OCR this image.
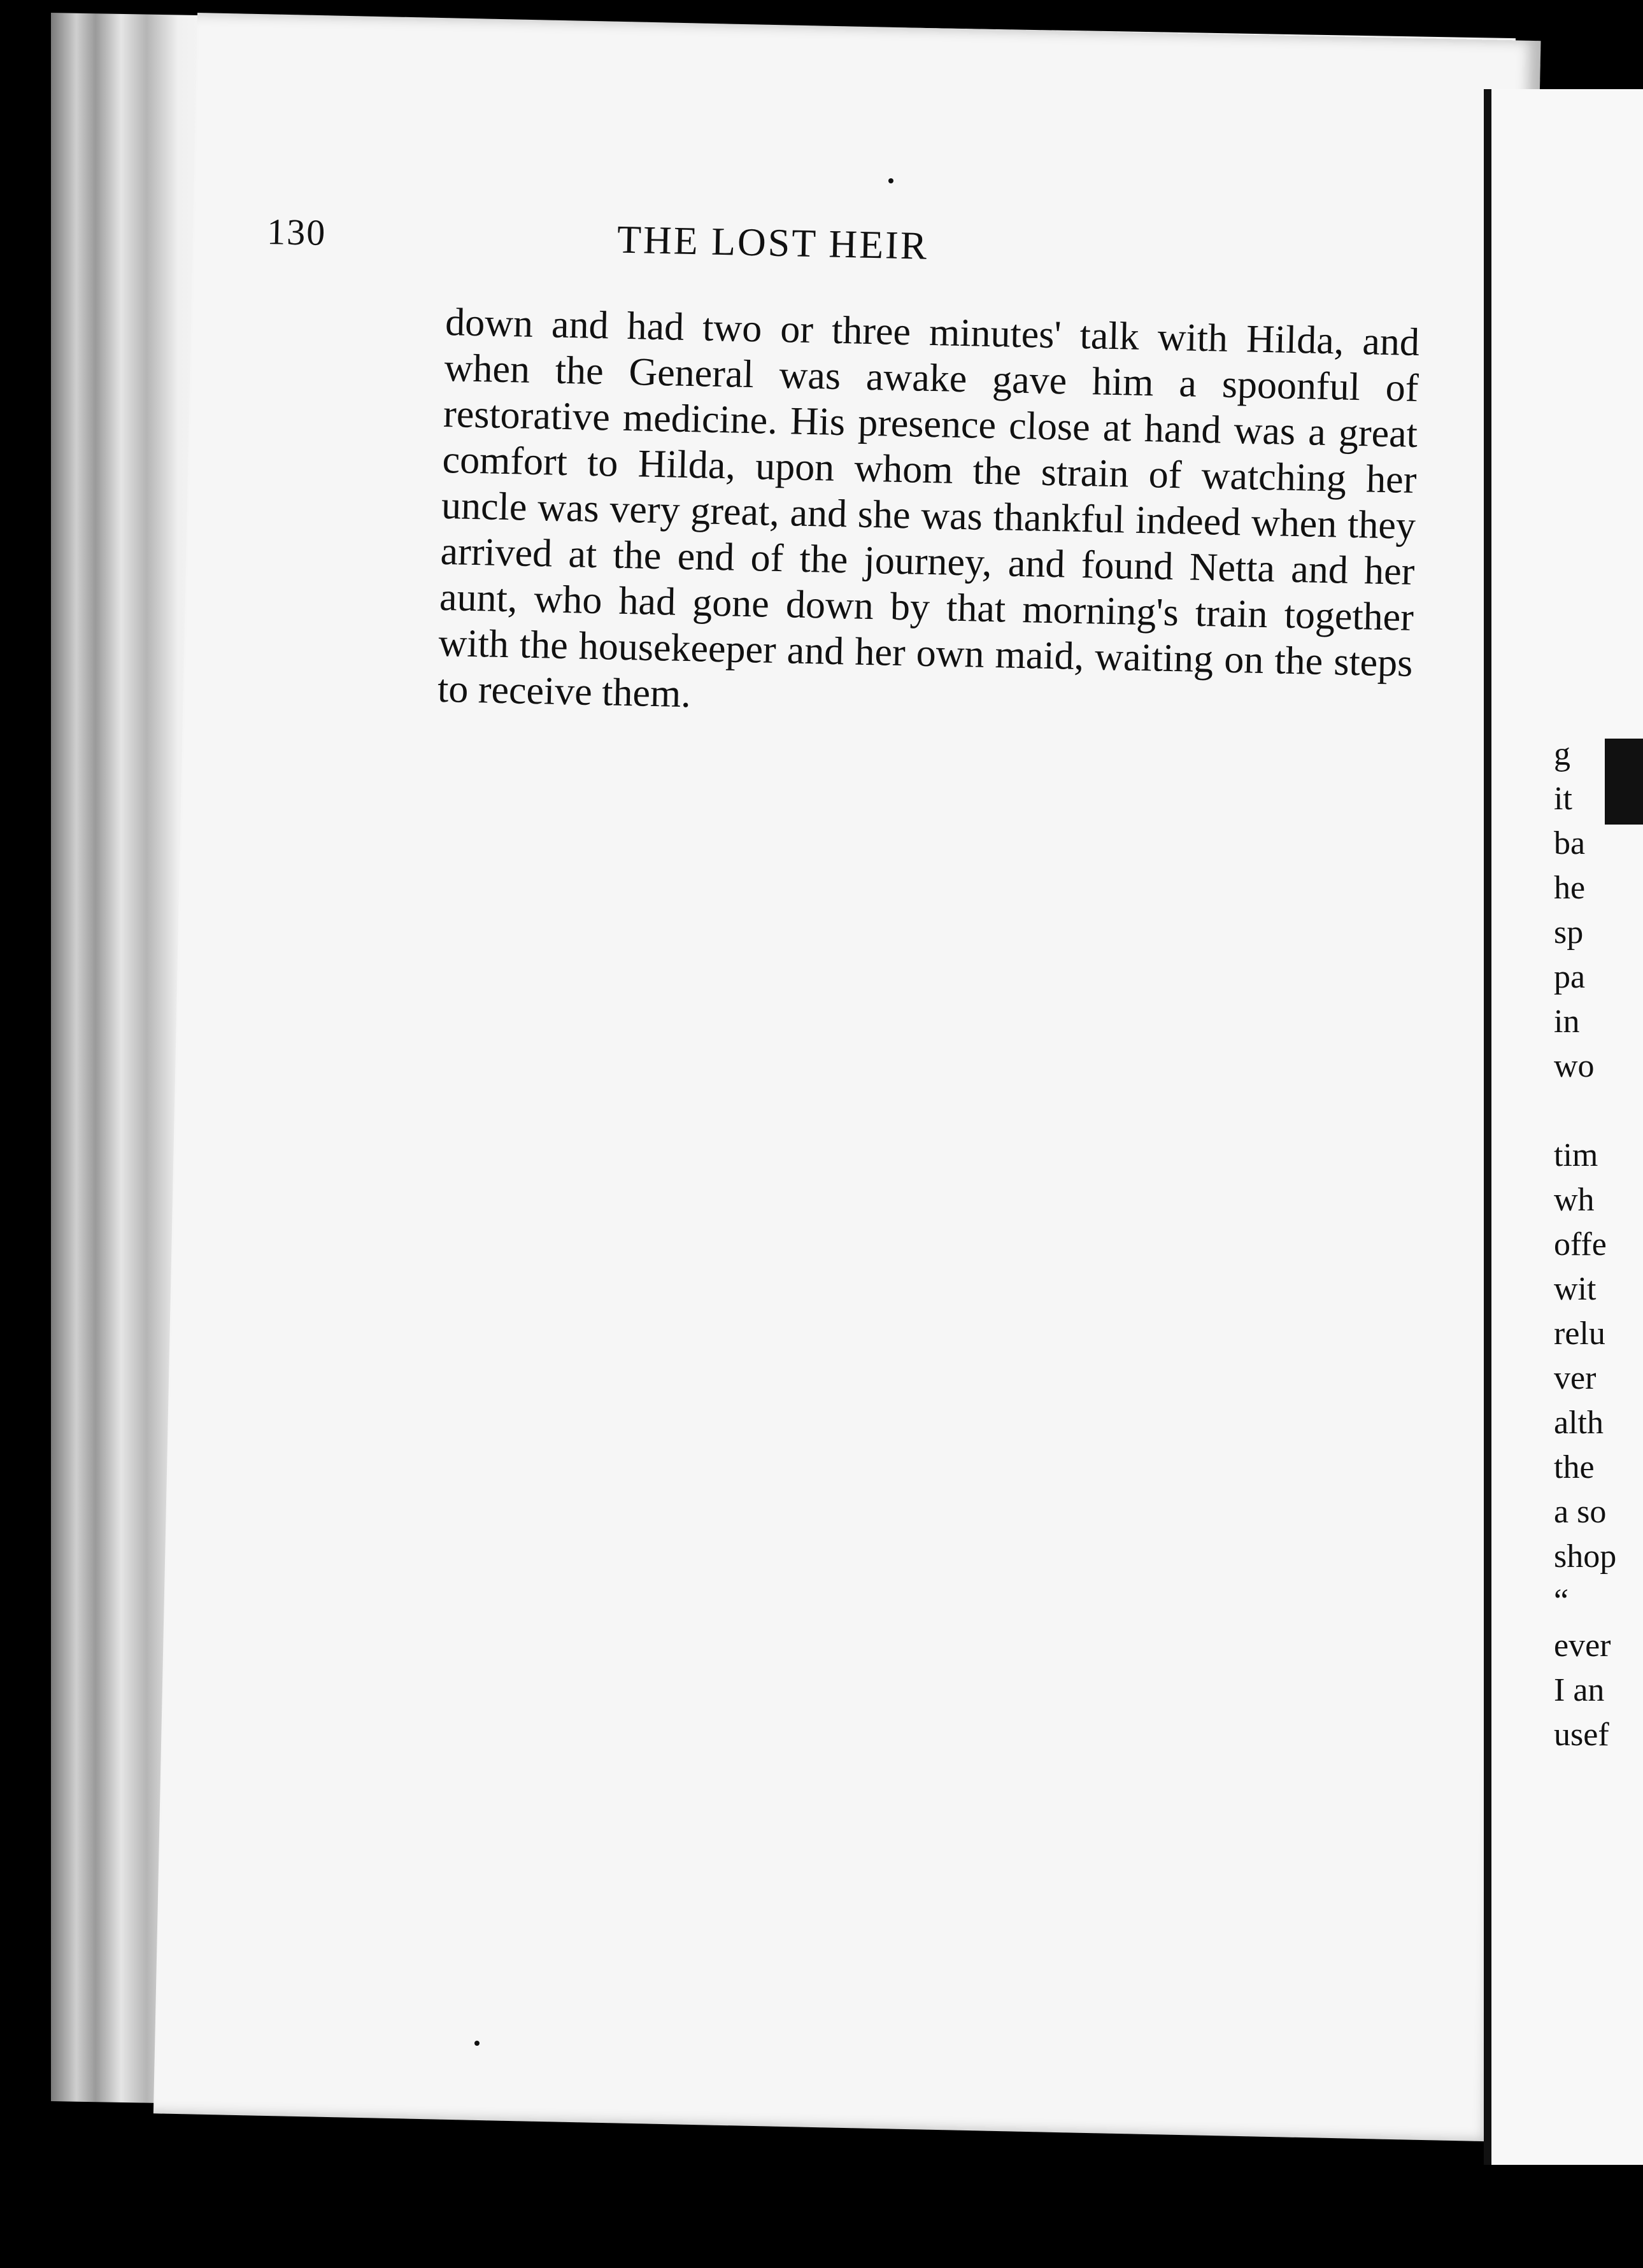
130	THE LOST HEIR

down and had two or three minutes' talk with Hilda, and when the General was awake gave him a spoonful of restorative medicine. His presence close at hand was a great comfort to Hilda, upon whom the strain of watching her uncle was very great, and she was thankful indeed when they arrived at the end of the journey, and found Netta and her aunt, who had gone down by that morning's train together with the housekeeper and her own maid, waiting on the steps to receive them.

g
it
ba
he
sp
pa
in
wo
tim
wh
offe
wit
relu
ver
alth
the
a so
shop
“
ever
I an
usef
